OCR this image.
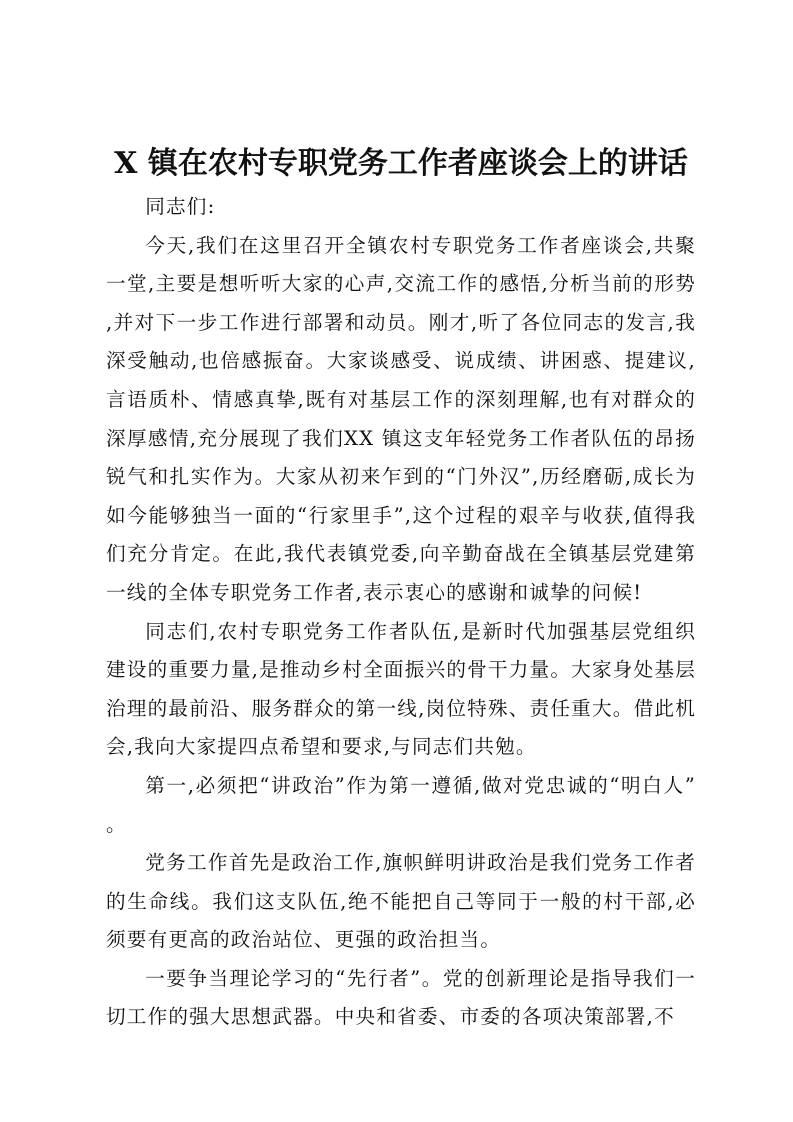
X 镇在农村专职党务工作者座谈会上的讲话

同志们:

今天,我们在这里召开全镇农村专职党务工作者座谈会,共聚一堂,主要是想听听大家的心声,交流工作的感悟,分析当前的形势,并对下一步工作进行部署和动员。刚才,听了各位同志的发言,我深受触动,也倍感振奋。大家谈感受、说成绩、讲困惑、提建议,言语质朴、情感真挚,既有对基层工作的深刻理解,也有对群众的深厚感情,充分展现了我们XX 镇这支年轻党务工作者队伍的昂扬锐气和扎实作为。大家从初来乍到的“门外汉”,历经磨砺,成长为如今能够独当一面的“行家里手”,这个过程的艰辛与收获,值得我们充分肯定。在此,我代表镇党委,向辛勤奋战在全镇基层党建第一线的全体专职党务工作者,表示衷心的感谢和诚挚的问候!

同志们,农村专职党务工作者队伍,是新时代加强基层党组织建设的重要力量,是推动乡村全面振兴的骨干力量。大家身处基层治理的最前沿、服务群众的第一线,岗位特殊、责任重大。借此机会,我向大家提四点希望和要求,与同志们共勉。

第一,必须把“讲政治”作为第一遵循,做对党忠诚的“明白人”。

党务工作首先是政治工作,旗帜鲜明讲政治是我们党务工作者的生命线。我们这支队伍,绝不能把自己等同于一般的村干部,必须要有更高的政治站位、更强的政治担当。

一要争当理论学习的“先行者”。党的创新理论是指导我们一切工作的强大思想武器。中央和省委、市委的各项决策部署,不
